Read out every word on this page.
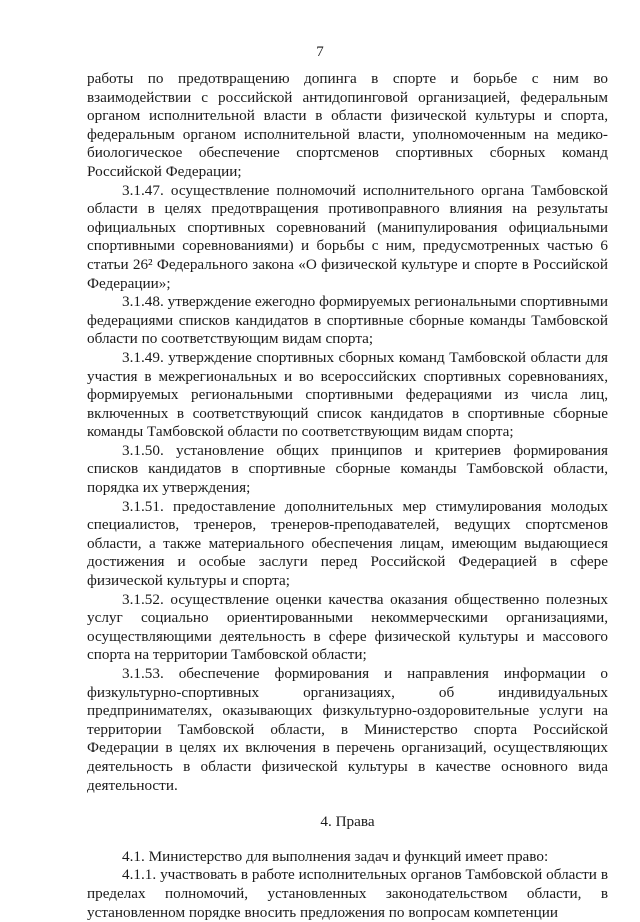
7

работы по предотвращению допинга в спорте и борьбе с ним во взаимодействии с российской антидопинговой организацией, федеральным органом исполнительной власти в области физической культуры и спорта, федеральным органом исполнительной власти, уполномоченным на медико-биологическое обеспечение спортсменов спортивных сборных команд Российской Федерации;

3.1.47. осуществление полномочий исполнительного органа Тамбовской области в целях предотвращения противоправного влияния на результаты официальных спортивных соревнований (манипулирования официальными спортивными соревнованиями) и борьбы с ним, предусмотренных частью 6 статьи 26² Федерального закона «О физической культуре и спорте в Российской Федерации»;

3.1.48. утверждение ежегодно формируемых региональными спортивными федерациями списков кандидатов в спортивные сборные команды Тамбовской области по соответствующим видам спорта;

3.1.49. утверждение спортивных сборных команд Тамбовской области для участия в межрегиональных и во всероссийских спортивных соревнованиях, формируемых региональными спортивными федерациями из числа лиц, включенных в соответствующий список кандидатов в спортивные сборные команды Тамбовской области по соответствующим видам спорта;

3.1.50. установление общих принципов и критериев формирования списков кандидатов в спортивные сборные команды Тамбовской области, порядка их утверждения;

3.1.51. предоставление дополнительных мер стимулирования молодых специалистов, тренеров, тренеров-преподавателей, ведущих спортсменов области, а также материального обеспечения лицам, имеющим выдающиеся достижения и особые заслуги перед Российской Федерацией в сфере физической культуры и спорта;

3.1.52. осуществление оценки качества оказания общественно полезных услуг социально ориентированными некоммерческими организациями, осуществляющими деятельность в сфере физической культуры и массового спорта на территории Тамбовской области;

3.1.53. обеспечение формирования и направления информации о физкультурно-спортивных организациях, об индивидуальных предпринимателях, оказывающих физкультурно-оздоровительные услуги на территории Тамбовской области, в Министерство спорта Российской Федерации в целях их включения в перечень организаций, осуществляющих деятельность в области физической культуры в качестве основного вида деятельности.

4. Права

4.1. Министерство для выполнения задач и функций имеет право:

4.1.1. участвовать в работе исполнительных органов Тамбовской области в пределах полномочий, установленных законодательством области, в установленном порядке вносить предложения по вопросам компетенции
